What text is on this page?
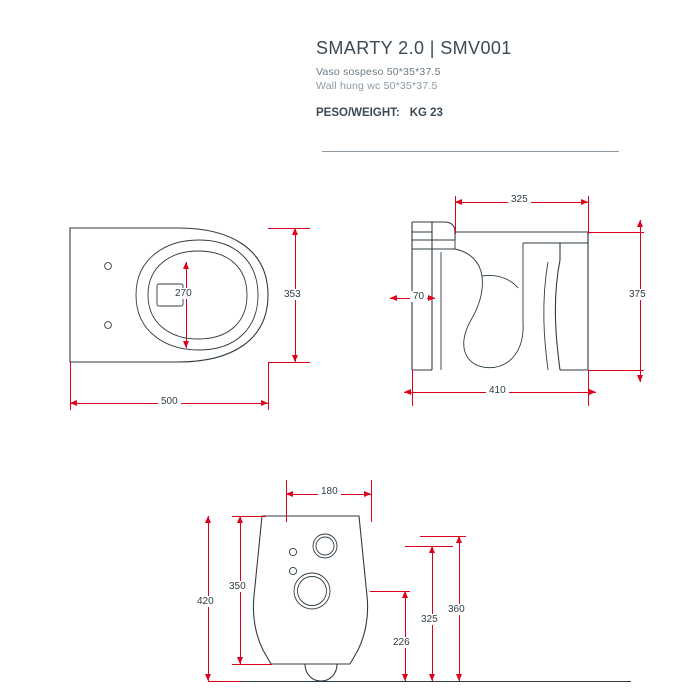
SMARTY 2.0 | SMV001
Vaso sospeso 50*35*37.5
Wall hung wc 50*35*37.5
PESO/WEIGHT: KG 23
500
353
270
325
410
375
70
180
350
420
325
360
226
